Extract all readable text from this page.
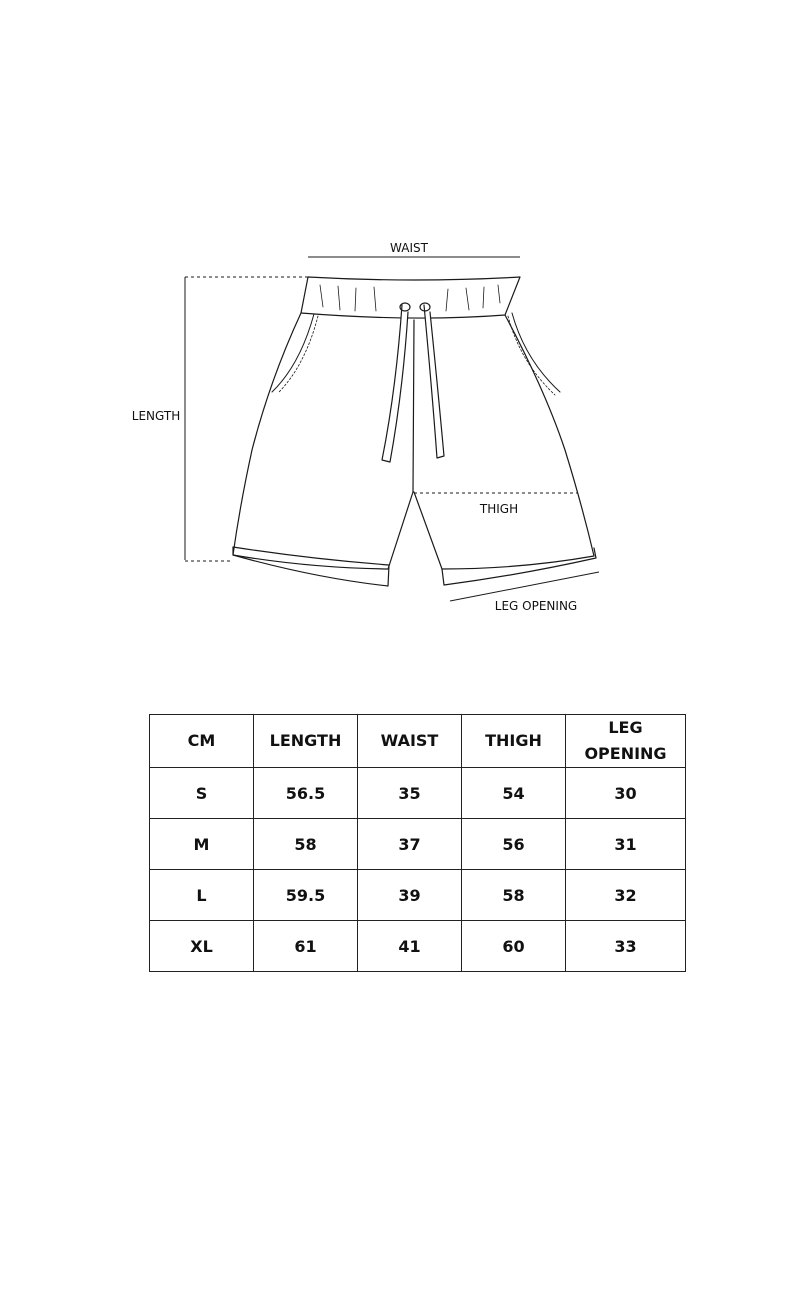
WAIST
LENGTH
THIGH
LEG OPENING
CM	LENGTH	WAIST	THIGH	LEG OPENING
S	56.5	35	54	30
M	58	37	56	31
L	59.5	39	58	32
XL	61	41	60	33
